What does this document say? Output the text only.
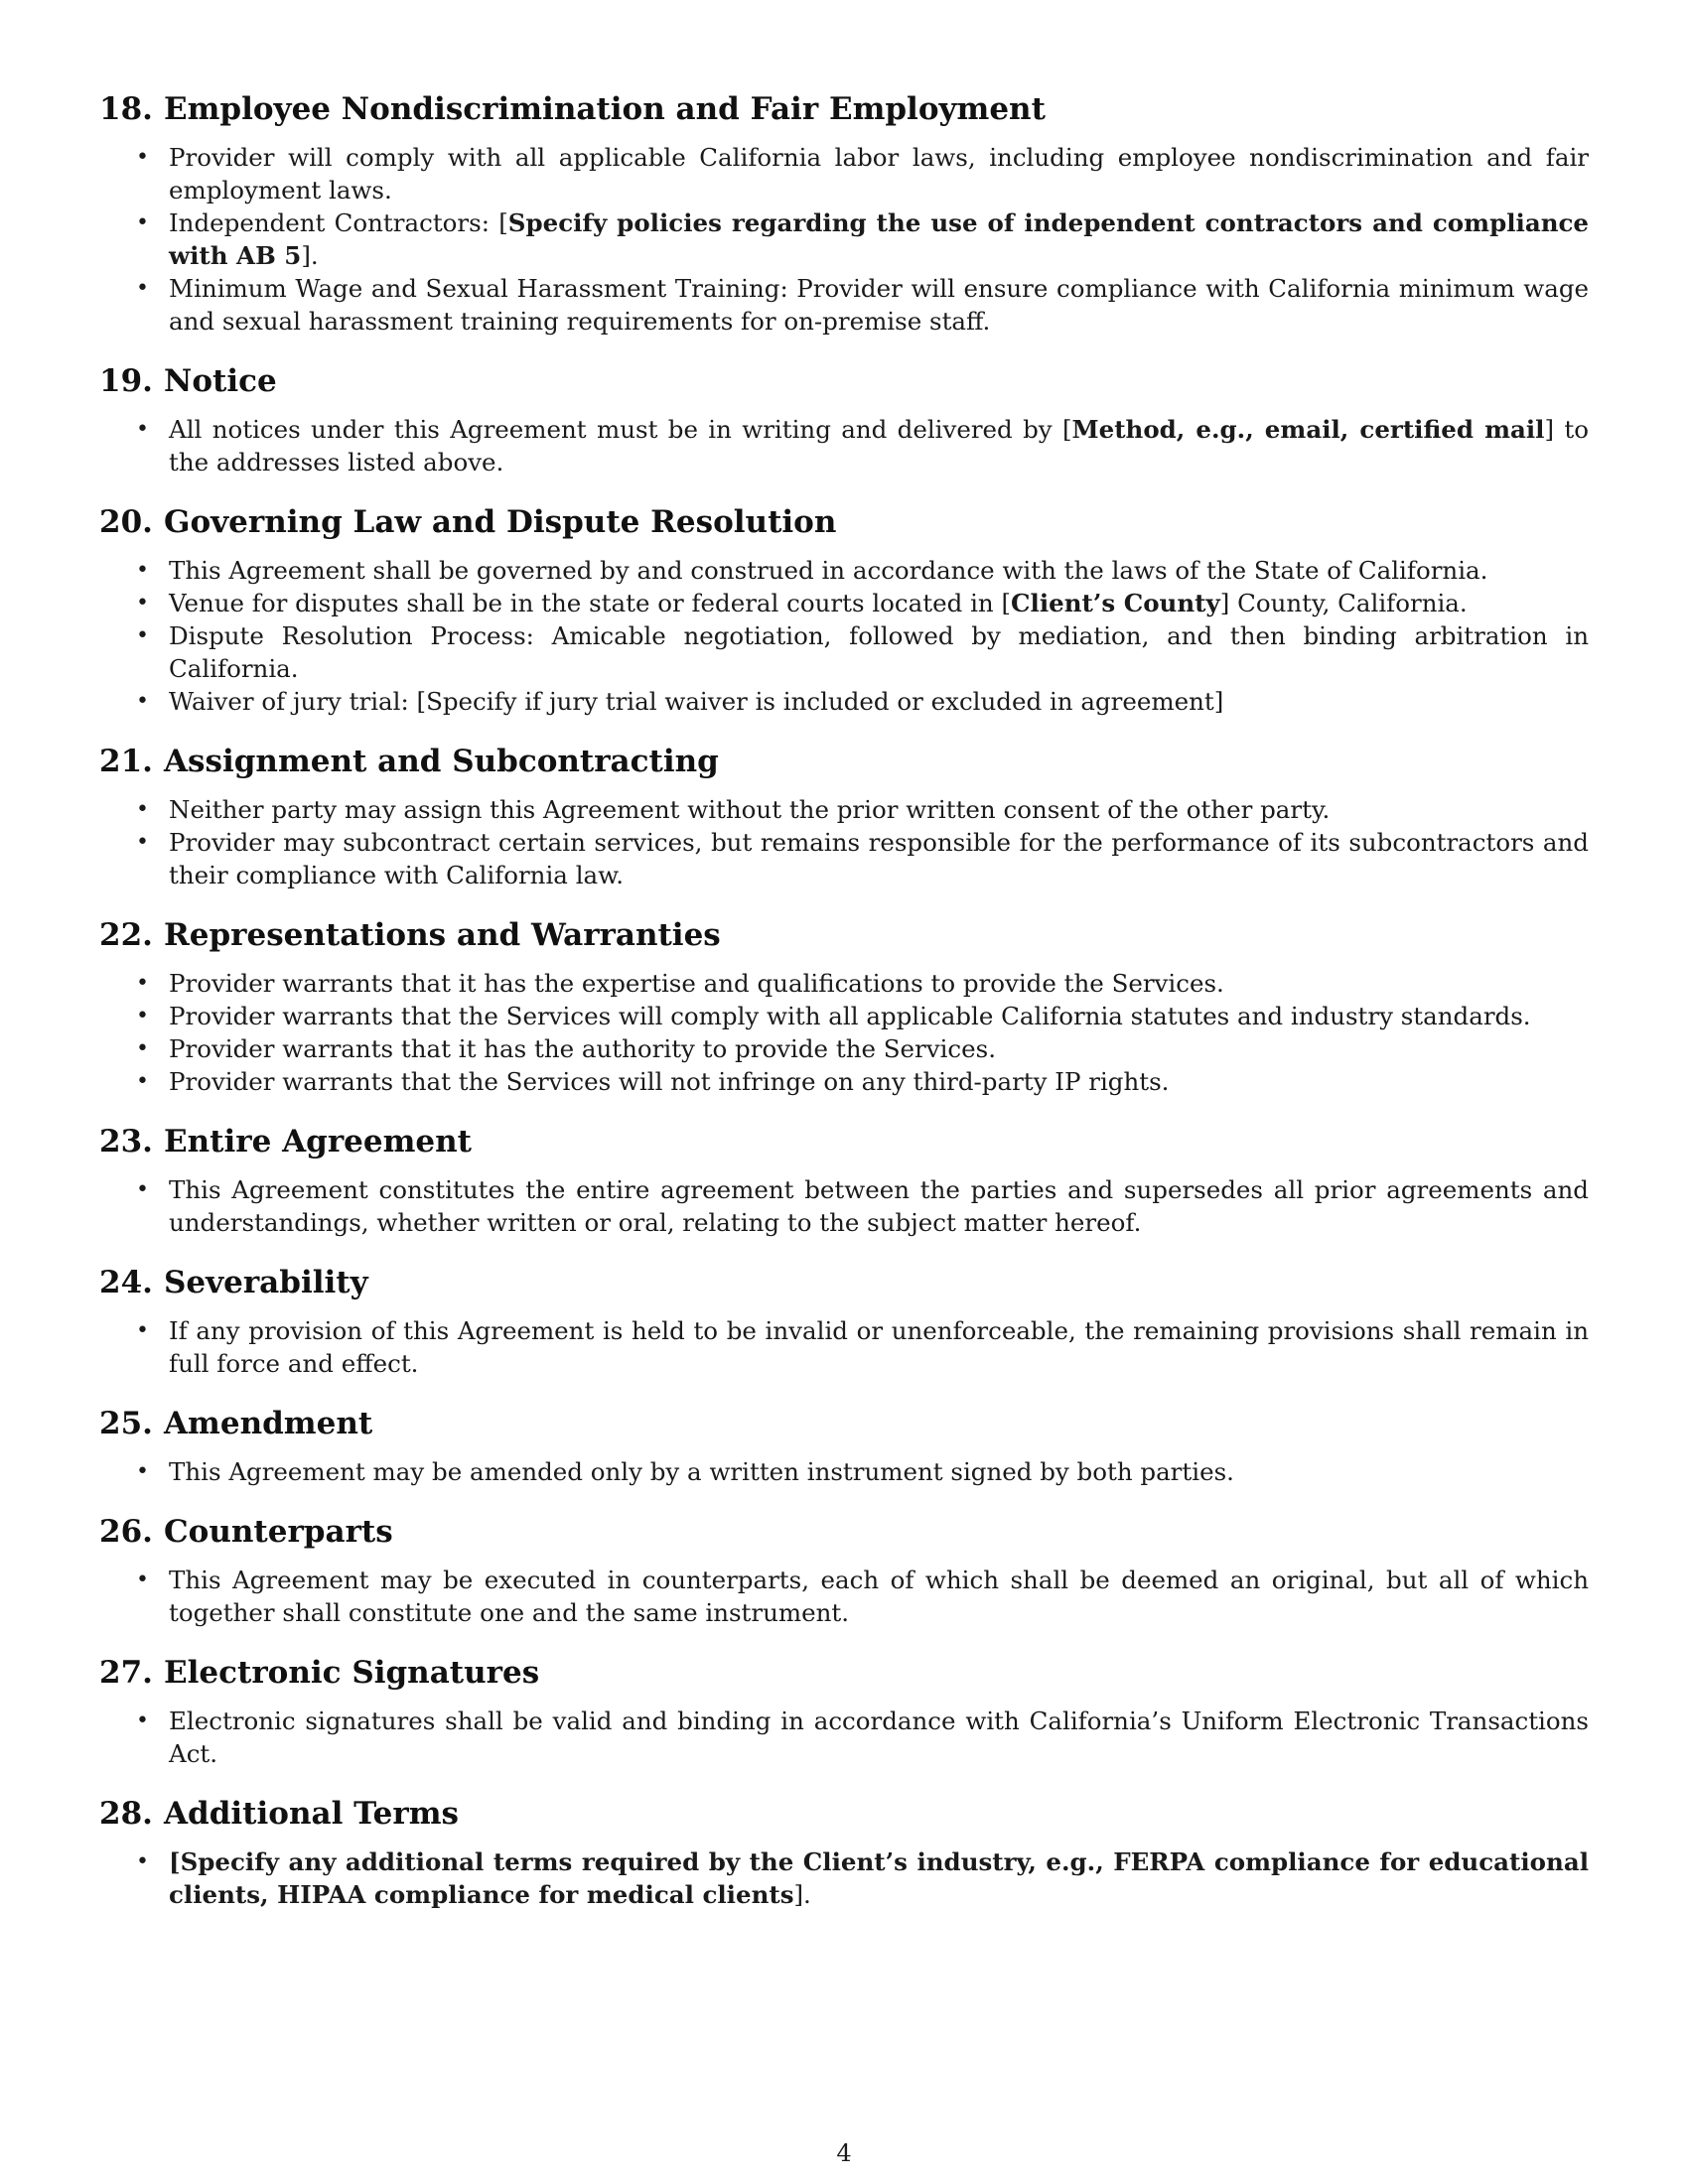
18. Employee Nondiscrimination and Fair Employment
• Provider will comply with all applicable California labor laws, including employee nondiscrimination and fair employment laws.
• Independent Contractors: [Specify policies regarding the use of independent contractors and compliance with AB 5].
• Minimum Wage and Sexual Harassment Training: Provider will ensure compliance with California minimum wage and sexual harassment training requirements for on-premise staff.
19. Notice
• All notices under this Agreement must be in writing and delivered by [Method, e.g., email, certified mail] to the addresses listed above.
20. Governing Law and Dispute Resolution
• This Agreement shall be governed by and construed in accordance with the laws of the State of California.
• Venue for disputes shall be in the state or federal courts located in [Client’s County] County, California.
• Dispute Resolution Process: Amicable negotiation, followed by mediation, and then binding arbitration in California.
• Waiver of jury trial: [Specify if jury trial waiver is included or excluded in agreement]
21. Assignment and Subcontracting
• Neither party may assign this Agreement without the prior written consent of the other party.
• Provider may subcontract certain services, but remains responsible for the performance of its subcontractors and their compliance with California law.
22. Representations and Warranties
• Provider warrants that it has the expertise and qualifications to provide the Services.
• Provider warrants that the Services will comply with all applicable California statutes and industry standards.
• Provider warrants that it has the authority to provide the Services.
• Provider warrants that the Services will not infringe on any third-party IP rights.
23. Entire Agreement
• This Agreement constitutes the entire agreement between the parties and supersedes all prior agreements and understandings, whether written or oral, relating to the subject matter hereof.
24. Severability
• If any provision of this Agreement is held to be invalid or unenforceable, the remaining provisions shall remain in full force and effect.
25. Amendment
• This Agreement may be amended only by a written instrument signed by both parties.
26. Counterparts
• This Agreement may be executed in counterparts, each of which shall be deemed an original, but all of which together shall constitute one and the same instrument.
27. Electronic Signatures
• Electronic signatures shall be valid and binding in accordance with California’s Uniform Electronic Transactions Act.
28. Additional Terms
• [Specify any additional terms required by the Client’s industry, e.g., FERPA compliance for educational clients, HIPAA compliance for medical clients].
4
